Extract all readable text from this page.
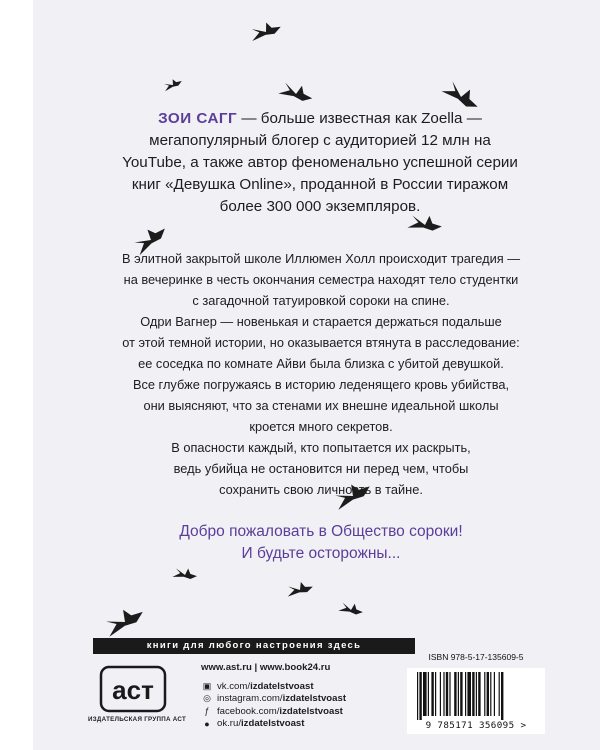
ЗОИ САГГ — больше известная как Zoella —
мегапопулярный блогер с аудиторией 12 млн на
YouTube, а также автор феноменально успешной серии
книг «Девушка Online», проданной в России тиражом
более 300 000 экземпляров.

В элитной закрытой школе Иллюмен Холл происходит трагедия —

на вечеринке в честь окончания семестра находят тело студентки

с загадочной татуировкой сороки на спине.

Одри Вагнер — новенькая и старается держаться подальше

от этой темной истории, но оказывается втянута в расследование:

ее соседка по комнате Айви была близка с убитой девушкой.

Все глубже погружаясь в историю леденящего кровь убийства,

они выясняют, что за стенами их внешне идеальной школы

кроется много секретов.

В опасности каждый, кто попытается их раскрыть,

ведь убийца не остановится ни перед чем, чтобы

сохранить свою личность в тайне.

Добро пожаловать в Общество сороки!

И будьте осторожны...

книги для любого настроения здесь
аст
ИЗДАТЕЛЬСКАЯ ГРУППА АСТ

www.ast.ru | www.book24.ru

▣ vk.com/ izdatelstvoast
◎ instagram.com/ izdatelstvoast
ƒ facebook.com/ izdatelstvoast
● ok.ru/ izdatelstvoast
ISBN 978-5-17-135609-5
9 785171 356095 >
